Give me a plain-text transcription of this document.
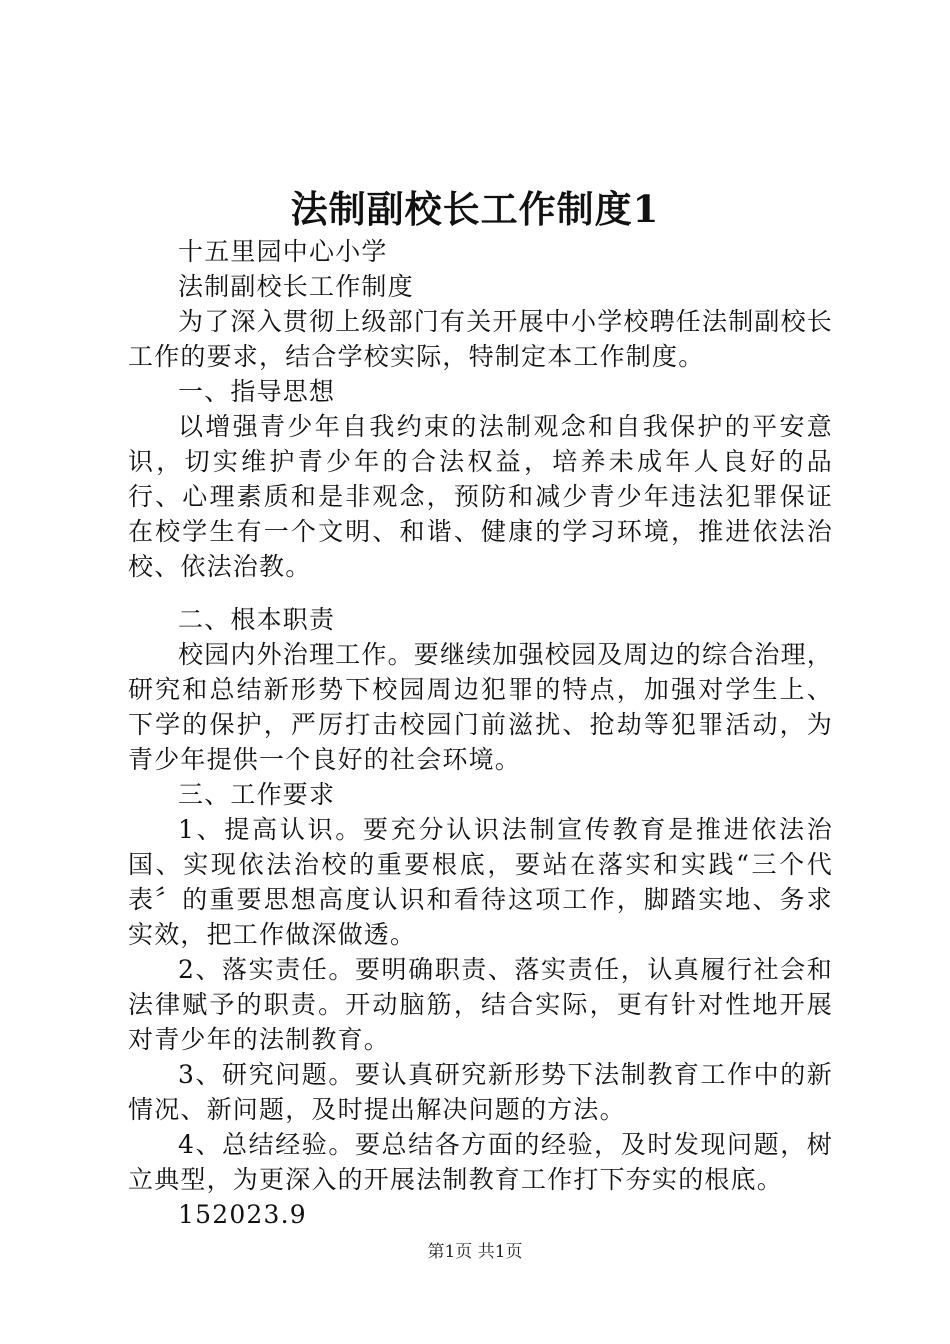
法制副校长工作制度1

十五里园中心小学

法制副校长工作制度

为了深入贯彻上级部门有关开展中小学校聘任法制副校长工作的要求，结合学校实际，特制定本工作制度。

一、指导思想

以增强青少年自我约束的法制观念和自我保护的平安意识，切实维护青少年的合法权益，培养未成年人良好的品行、心理素质和是非观念，预防和减少青少年违法犯罪保证在校学生有一个文明、和谐、健康的学习环境，推进依法治校、依法治教。

二、根本职责

校园内外治理工作。要继续加强校园及周边的综合治理，研究和总结新形势下校园周边犯罪的特点，加强对学生上、下学的保护，严厉打击校园门前滋扰、抢劫等犯罪活动，为青少年提供一个良好的社会环境。

三、工作要求

1、提高认识。要充分认识法制宣传教育是推进依法治国、实现依法治校的重要根底，要站在落实和实践“三个代表〞的重要思想高度认识和看待这项工作，脚踏实地、务求实效，把工作做深做透。

2、落实责任。要明确职责、落实责任，认真履行社会和法律赋予的职责。开动脑筋，结合实际，更有针对性地开展对青少年的法制教育。

3、研究问题。要认真研究新形势下法制教育工作中的新情况、新问题，及时提出解决问题的方法。

4、总结经验。要总结各方面的经验，及时发现问题，树立典型，为更深入的开展法制教育工作打下夯实的根底。

152023.9

第1页 共1页
